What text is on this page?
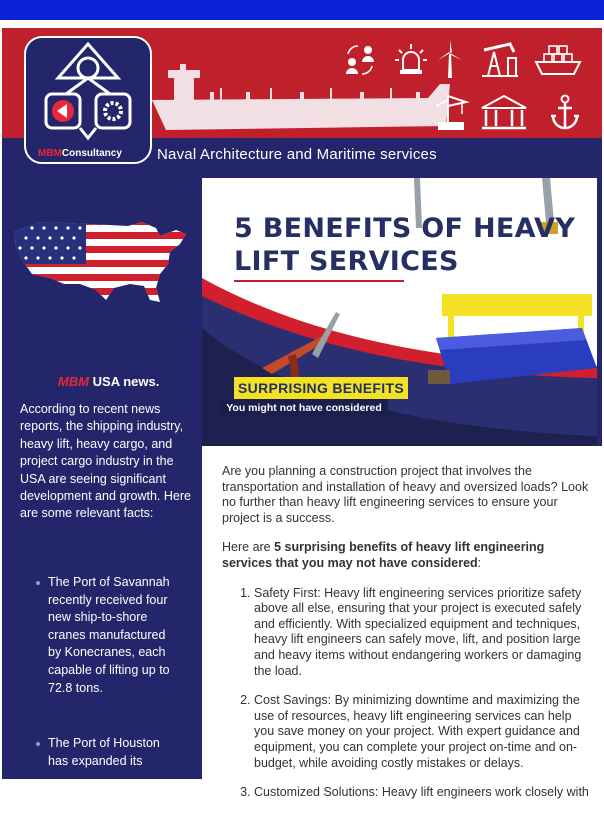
MBMConsultancy Naval Architecture and Maritime services
5 BENEFITS OF HEAVY
LIFT SERVICES
SURPRISING BENEFITS
You might not have considered
MBM USA news.
According to recent news reports, the shipping industry, heavy lift, heavy cargo, and project cargo industry in the USA are seeing significant development and growth. Here are some relevant facts:
The Port of Savannah recently received four new ship-to-shore cranes manufactured by Konecranes, each capable of lifting up to 72.8 tons.
The Port of Houston has expanded its

Are you planning a construction project that involves the transportation and installation of heavy and oversized loads? Look no further than heavy lift engineering services to ensure your project is a success.

Here are 5 surprising benefits of heavy lift engineering services that you may not have considered:

1. Safety First: Heavy lift engineering services prioritize safety above all else, ensuring that your project is executed safely and efficiently. With specialized equipment and techniques, heavy lift engineers can safely move, lift, and position large and heavy items without endangering workers or damaging the load.
2. Cost Savings: By minimizing downtime and maximizing the use of resources, heavy lift engineering services can help you save money on your project. With expert guidance and equipment, you can complete your project on-time and on-budget, while avoiding costly mistakes or delays.
3. Customized Solutions: Heavy lift engineers work closely with
